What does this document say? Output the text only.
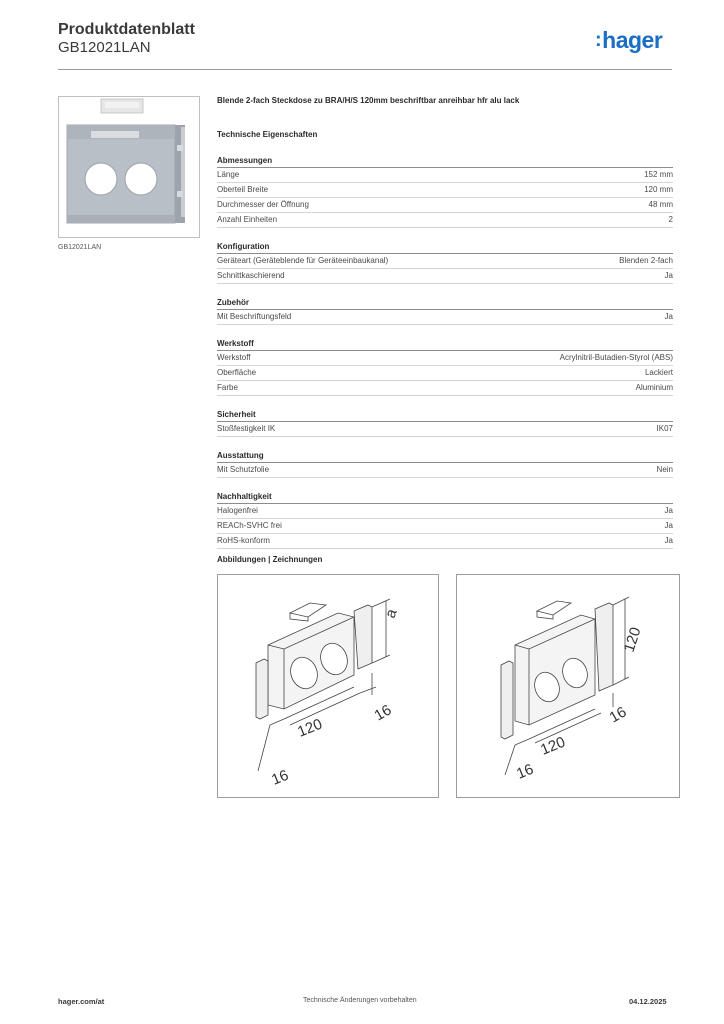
Produktdatenblatt
GB12021LAN	:hager
GB12021LAN
Blende 2-fach Steckdose zu BRA/H/S 120mm beschriftbar anreihbar hfr alu lack
Technische Eigenschaften
Abmessungen
Länge	152 mm
Oberteil Breite	120 mm
Durchmesser der Öffnung	48 mm
Anzahl Einheiten	2
Konfiguration
Geräteart (Geräteblende für Geräteeinbaukanal)	Blenden 2-fach
Schnittkaschierend	Ja
Zubehör
Mit Beschriftungsfeld	Ja
Werkstoff
Werkstoff	Acrylnitril-Butadien-Styrol (ABS)
Oberfläche	Lackiert
Farbe	Aluminium
Sicherheit
Stoßfestigkeit IK	IK07
Ausstattung
Mit Schutzfolie	Nein
Nachhaltigkeit
Halogenfrei	Ja
REACh-SVHC frei	Ja
RoHS-konform	Ja
Abbildungen | Zeichnungen
a
120
16
16
120
120
16
16
hager.com/at	Technische Änderungen vorbehalten	04.12.2025
